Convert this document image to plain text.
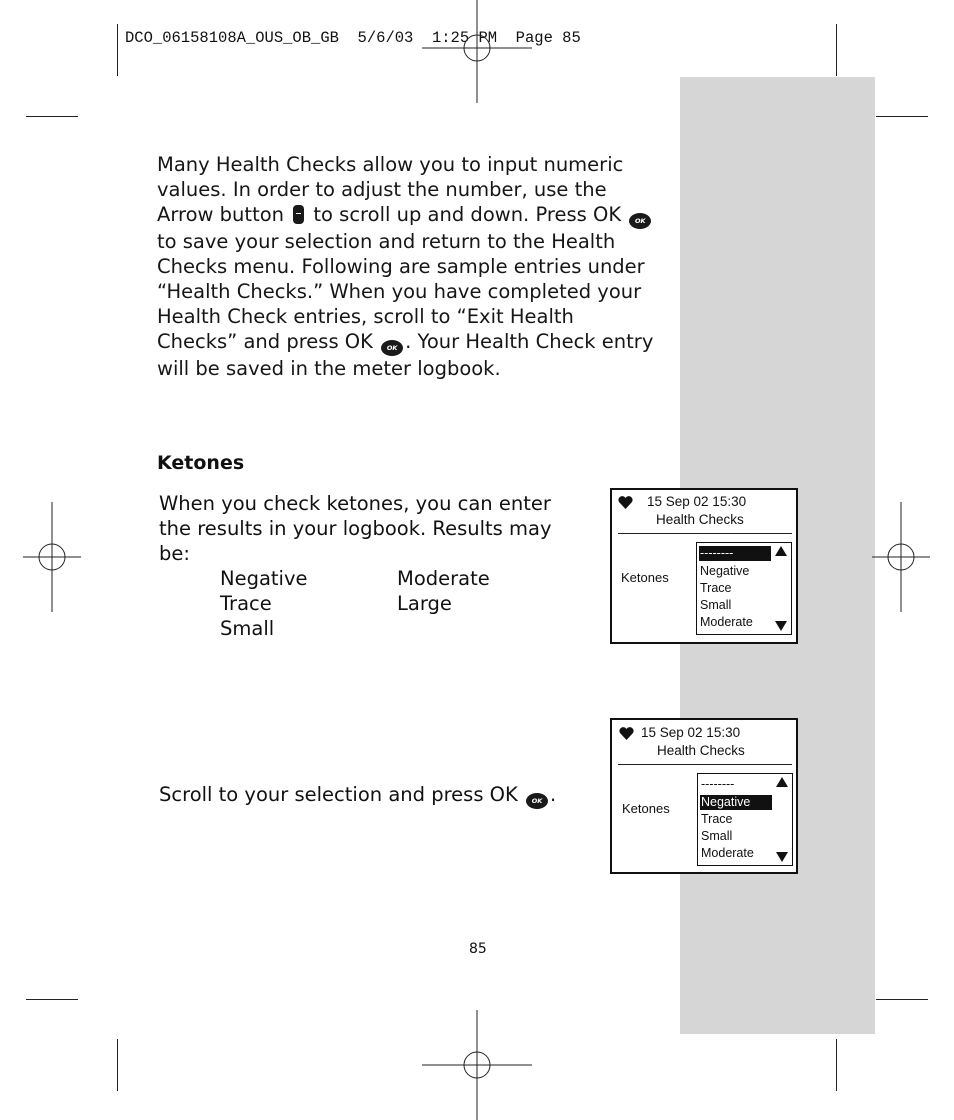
DCO_06158108A_OUS_OB_GB  5/6/03  1:25 PM  Page 85
Many Health Checks allow you to input numeric values. In order to adjust the number, use the Arrow button to scroll up and down. Press OK OK to save your selection and return to the Health Checks menu. Following are sample entries under “Health Checks.” When you have completed your Health Check entries, scroll to “Exit Health Checks” and press OK OK . Your Health Check entry will be saved in the meter logbook.
Ketones
When you check ketones, you can enter the results in your logbook. Results may be:
Negative
Trace
Small
Moderate
Large
Scroll to your selection and press OK OK .
15 Sep 02 15:30
Health Checks
Ketones
--------
Negative
Trace
Small
Moderate
15 Sep 02 15:30
Health Checks
Ketones
--------
Negative
Trace
Small
Moderate
85
